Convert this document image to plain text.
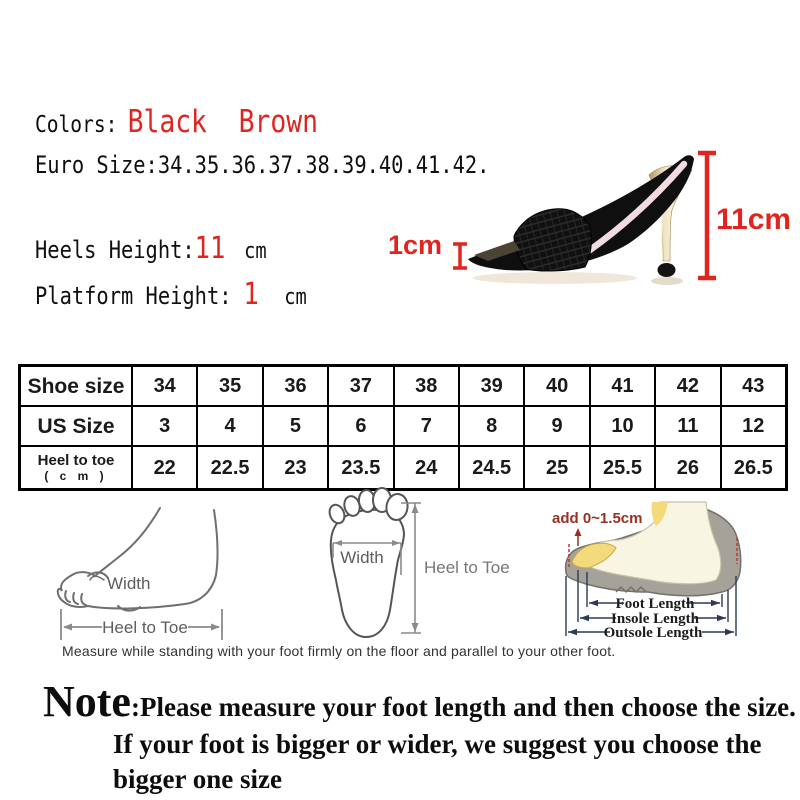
Colors: Black  Brown
Euro Size: 34.35.36.37.38.39.40.41.42.
Heels Height: 11 cm
Platform Height: 1 cm
1cm
11cm
Shoe size	34	35	36	37	38	39	40	41	42	43
US Size	3	4	5	6	7	8	9	10	11	12
Heel to toe
( c m )	22	22.5	23	23.5	24	24.5	25	25.5	26	26.5
Width
Heel to Toe
Width
Heel to Toe
add 0~1.5cm
Foot Length
Insole Length
Outsole Length
Measure while standing with your foot firmly on the floor and parallel to your other foot.
Note:Please measure your foot length and then choose the size.
If your foot is bigger or wider, we suggest you choose the
bigger one size
